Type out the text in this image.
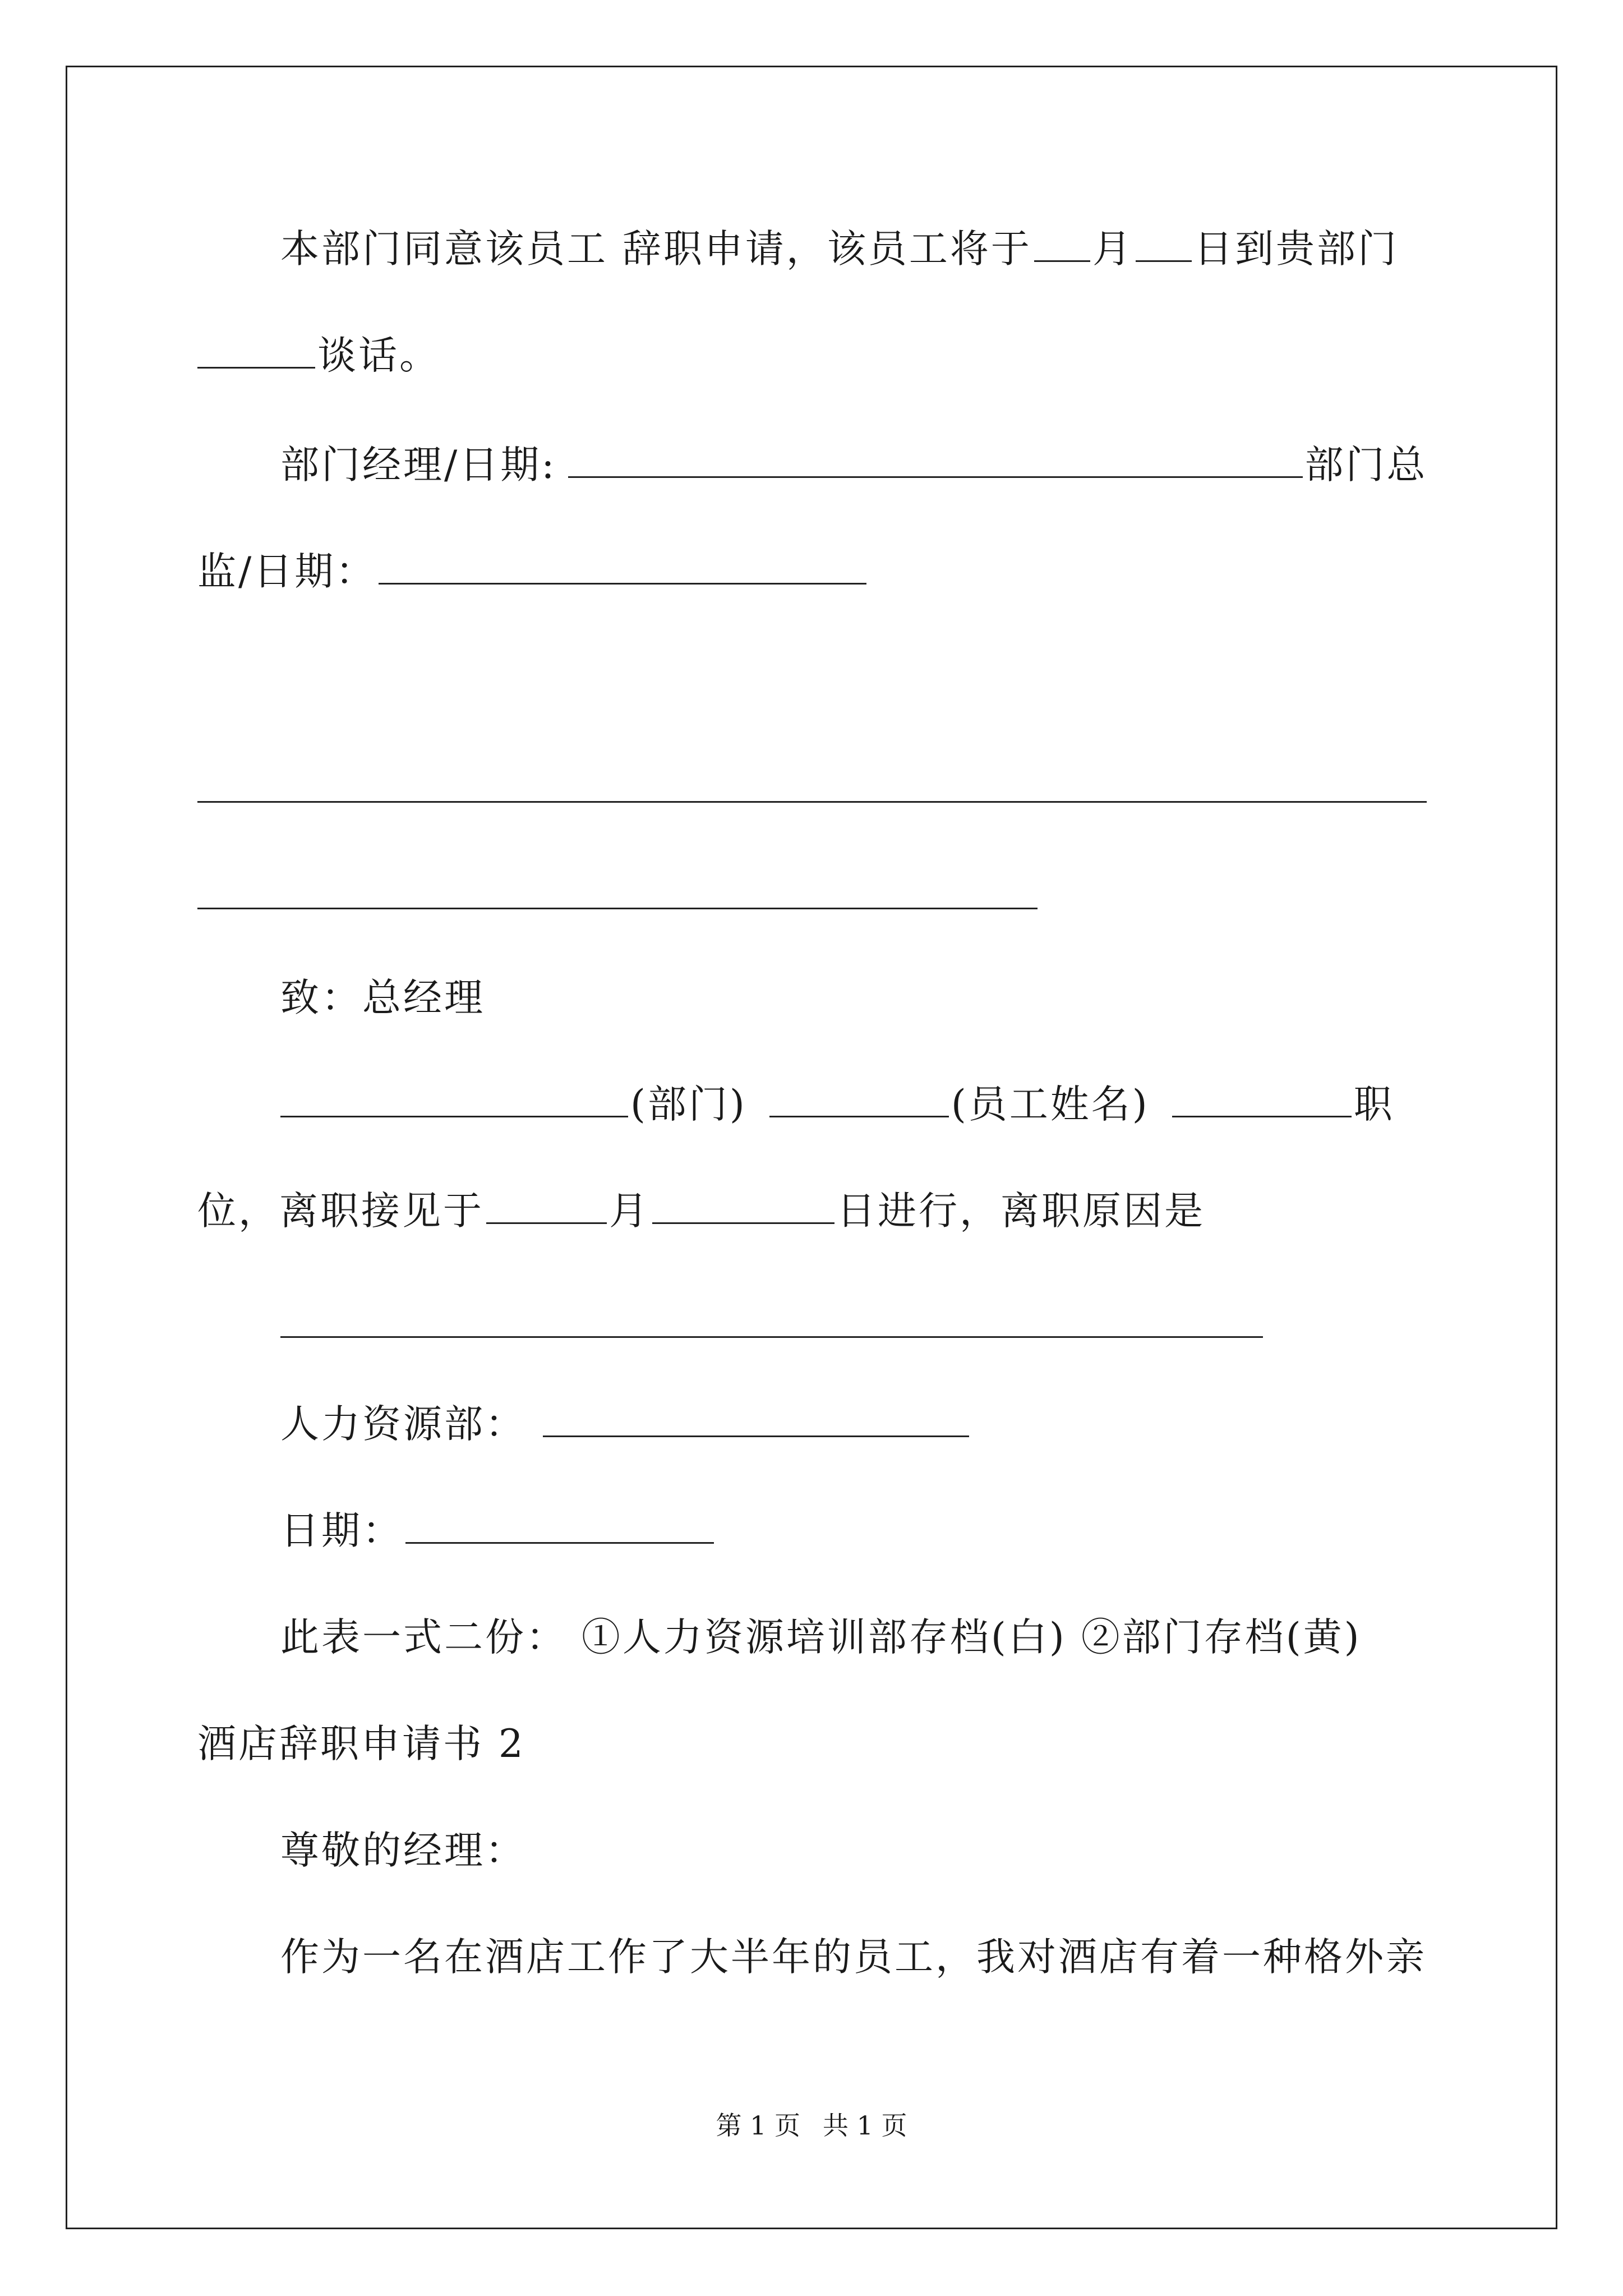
本部门同意该员工 辞职申请，该员工将于 月 日到贵部门
谈话。
部门经理/日期:	部门总
监/日期：
致：总经理
(部门)	(员工姓名)	职
位，离职接见于	月	日进行，离职原因是
人力资源部：
日期：
此表一式二份： ①人力资源培训部存档(白) ②部门存档(黄)
酒店辞职申请书 2
尊敬的经理：
作为一名在酒店工作了大半年的员工，我对酒店有着一种格外亲
第 1 页 共 1 页
